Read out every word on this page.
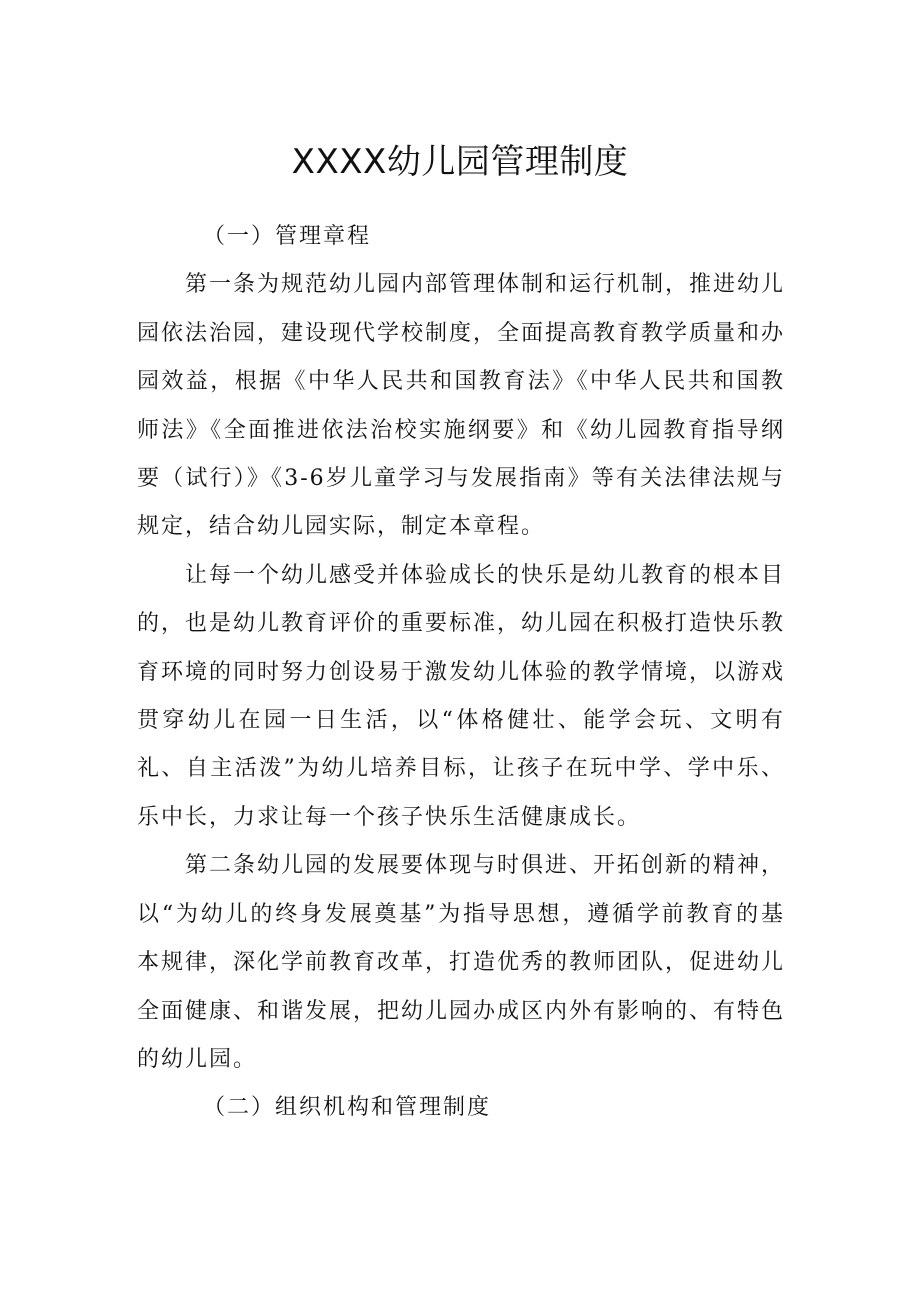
XXXX幼儿园管理制度

（一）管理章程

第一条为规范幼儿园内部管理体制和运行机制，推进幼儿园依法治园，建设现代学校制度，全面提高教育教学质量和办园效益，根据《中华人民共和国教育法》《中华人民共和国教师法》《全面推进依法治校实施纲要》和《幼儿园教育指导纲要（试行）》《3-6岁儿童学习与发展指南》等有关法律法规与规定，结合幼儿园实际，制定本章程。

让每一个幼儿感受并体验成长的快乐是幼儿教育的根本目的，也是幼儿教育评价的重要标准，幼儿园在积极打造快乐教育环境的同时努力创设易于激发幼儿体验的教学情境，以游戏贯穿幼儿在园一日生活，以“体格健壮、能学会玩、文明有礼、自主活泼”为幼儿培养目标，让孩子在玩中学、学中乐、乐中长，力求让每一个孩子快乐生活健康成长。

第二条幼儿园的发展要体现与时俱进、开拓创新的精神，以“为幼儿的终身发展奠基”为指导思想，遵循学前教育的基本规律，深化学前教育改革，打造优秀的教师团队，促进幼儿全面健康、和谐发展，把幼儿园办成区内外有影响的、有特色的幼儿园。

（二）组织机构和管理制度
